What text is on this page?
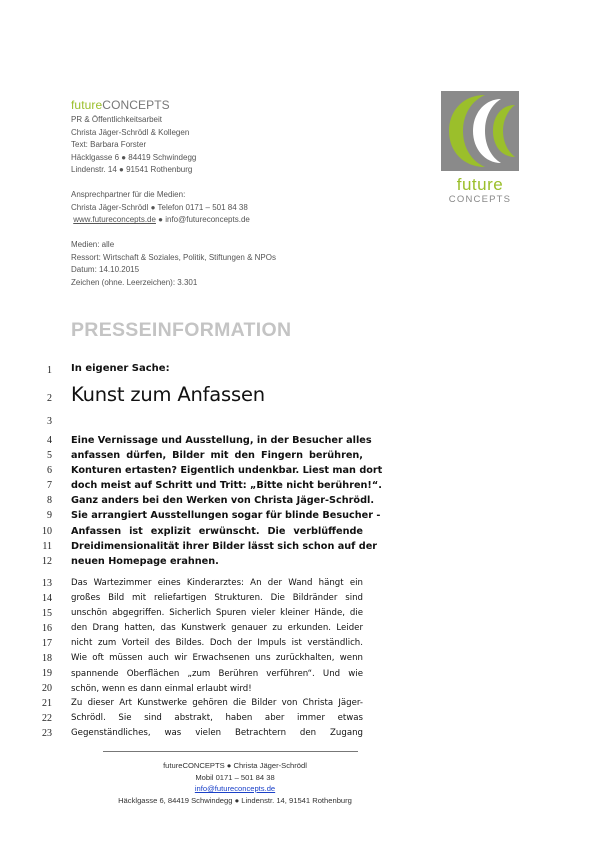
futureCONCEPTS
PR & Öffentlichkeitsarbeit
Christa Jäger-Schrödl & Kollegen
Text: Barbara Forster
Häcklgasse 6 ● 84419 Schwindegg
Lindenstr. 14 ● 91541 Rothenburg
Ansprechpartner für die Medien:
Christa Jäger-Schrödl ● Telefon 0171 – 501 84 38
www.futureconcepts.de ● info@futureconcepts.de
Medien: alle
Ressort: Wirtschaft & Soziales, Politik, Stiftungen & NPOs
Datum: 14.10.2015
Zeichen (ohne. Leerzeichen): 3.301
future
CONCEPTS
PRESSEINFORMATION
1
2
3
4
5
6
7
8
9
10
11
12
13
14
15
16
17
18
19
20
21
22
23
In eigener Sache:
Kunst zum Anfassen
Eine Vernissage und Ausstellung, in der Besucher alles
anfassen dürfen, Bilder mit den Fingern berühren,
Konturen ertasten? Eigentlich undenkbar. Liest man dort
doch meist auf Schritt und Tritt: „Bitte nicht berühren!“.
Ganz anders bei den Werken von Christa Jäger-Schrödl.
Sie arrangiert Ausstellungen sogar für blinde Besucher -
Anfassen ist explizit erwünscht. Die verblüffende
Dreidimensionalität ihrer Bilder lässt sich schon auf der
neuen Homepage erahnen.
Das Wartezimmer eines Kinderarztes: An der Wand hängt ein
großes Bild mit reliefartigen Strukturen. Die Bildränder sind
unschön abgegriffen. Sicherlich Spuren vieler kleiner Hände, die
den Drang hatten, das Kunstwerk genauer zu erkunden. Leider
nicht zum Vorteil des Bildes. Doch der Impuls ist verständlich.
Wie oft müssen auch wir Erwachsenen uns zurückhalten, wenn
spannende Oberflächen „zum Berühren verführen“. Und wie
schön, wenn es dann einmal erlaubt wird!
Zu dieser Art Kunstwerke gehören die Bilder von Christa Jäger-
Schrödl. Sie sind abstrakt, haben aber immer etwas
Gegenständliches, was vielen Betrachtern den Zugang
futureCONCEPTS ● Christa Jäger-Schrödl
Mobil 0171 – 501 84 38
info@futureconcepts.de
Häcklgasse 6, 84419 Schwindegg ● Lindenstr. 14, 91541 Rothenburg
